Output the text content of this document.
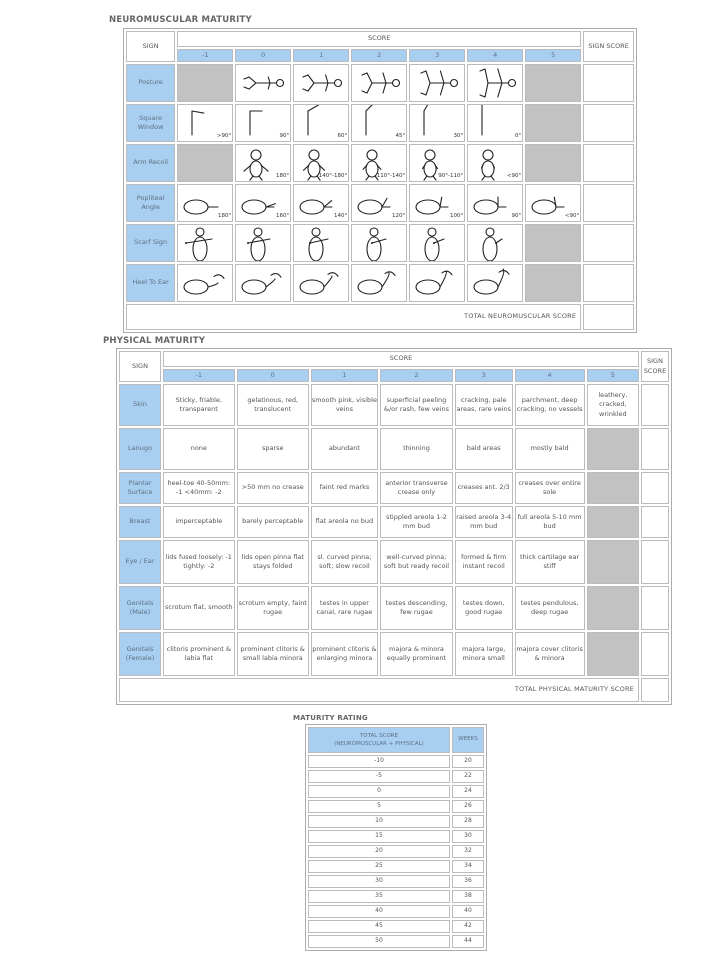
NEUROMUSCULAR MATURITY
SIGN	SCORE							SIGN SCORE
	-1	0	1	2	3	4	5	
Posture		

Square Window	>90°	90°	60°	45°	30°	0°		

Arm Recoil		180°	140°-180°	110°-140°	90°-110°	<90°		

Popliteal Angle	180°	160°	140°	120°	100°	90°	<90°	

Scarf Sign	

Heel To Ear	

TOTAL NEUROMUSCULAR SCORE								
PHYSICAL MATURITY
SIGN	SCORE							SIGN SCORE
	-1	0	1	2	3	4	5	
Skin	Sticky, friable, transparent	gelatinous, red, translucent	smooth pink, visible veins	superficial peeling &/or rash, few veins	cracking, pale areas, rare veins	parchment, deep cracking, no vessels	leathery, cracked, wrinkled	
Lanugo	none	sparse	abundant	thinning	bald areas	mostly bald		
Plantar Surface	heel-toe 40-50mm: -1 <40mm: -2	>50 mm no crease	faint red marks	anterior transverse crease only	creases ant. 2/3	creases over entire sole		
Breast	imperceptable	barely perceptable	flat areola no bud	stippled areola 1-2 mm bud	raised areola 3-4 mm bud	full areola 5-10 mm bud		
Eye / Ear	lids fused loosely: -1 tightly: -2	lids open pinna flat stays folded	sl. curved pinna; soft; slow recoil	well-curved pinna; soft but ready recoil	formed & firm instant recoil	thick cartilage ear stiff		
Genitals (Male)	scrotum flat, smooth	scrotum empty, faint rugae	testes in upper canal, rare rugae	testes descending, few rugae	testes down, good rugae	testes pendulous, deep rugae		
Genitals (Female)	clitoris prominent & labia flat	prominent clitoris & small labia minora	prominent clitoris & enlarging minora	majora & minora equally prominent	majora large, minora small	majora cover clitoris & minora		
TOTAL PHYSICAL MATURITY SCORE								
MATURITY RATING
TOTAL SCORE
(NEUROMUSCULAR + PHYSICAL)	WEEKS
-10	20
-5	22
0	24
5	26
10	28
15	30
20	32
25	34
30	36
35	38
40	40
45	42
50	44
